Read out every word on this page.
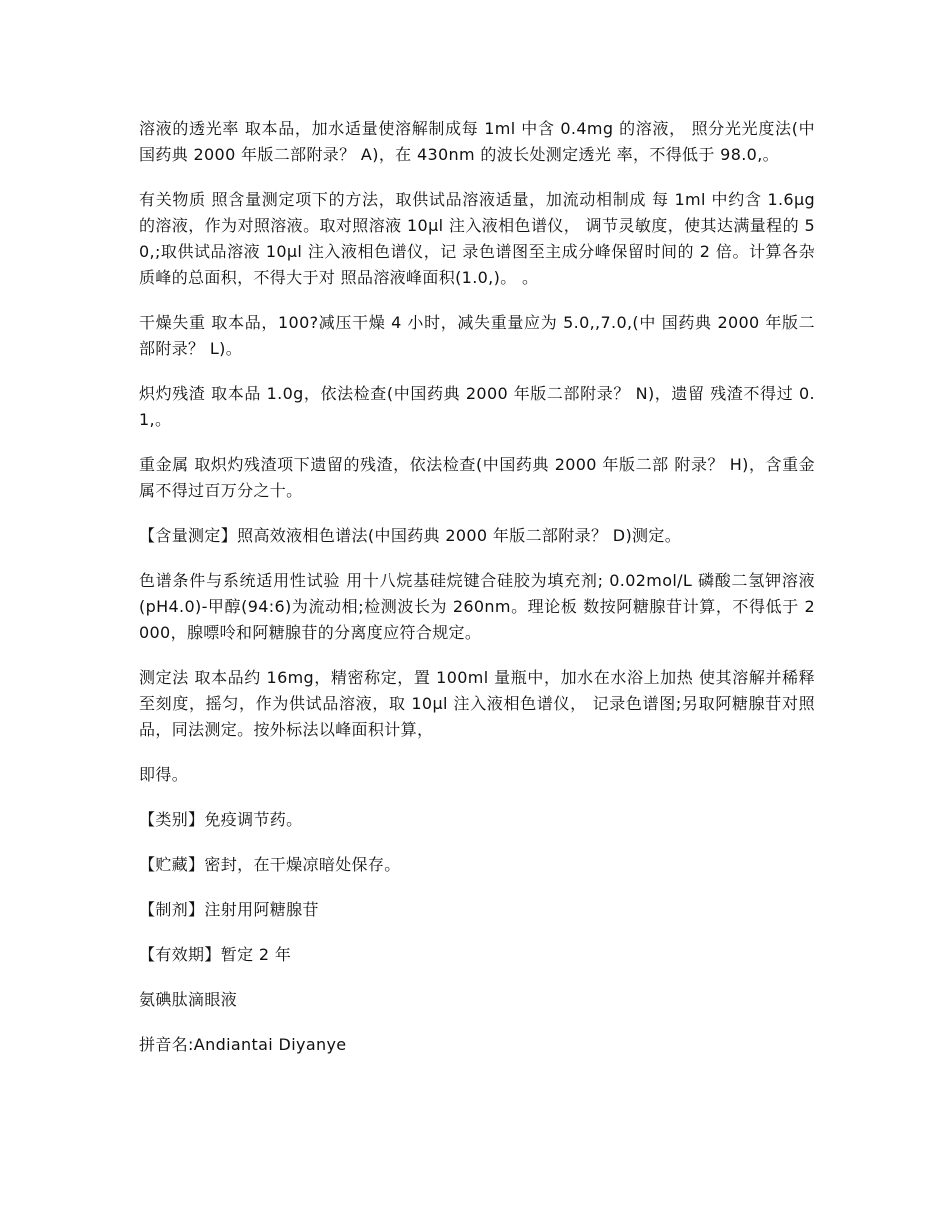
溶液的透光率 取本品，加水适量使溶解制成每 1ml 中含 0.4mg 的溶液， 照分光光度法(中国药典 2000 年版二部附录？ A)，在 430nm 的波长处测定透光 率，不得低于 98.0,。

有关物质 照含量测定项下的方法，取供试品溶液适量，加流动相制成 每 1ml 中约含 1.6μg 的溶液，作为对照溶液。取对照溶液 10μl 注入液相色谱仪， 调节灵敏度，使其达满量程的 50,;取供试品溶液 10μl 注入液相色谱仪，记 录色谱图至主成分峰保留时间的 2 倍。计算各杂质峰的总面积，不得大于对 照品溶液峰面积(1.0,)。 。

干燥失重 取本品，100?减压干燥 4 小时，减失重量应为 5.0,,7.0,(中 国药典 2000 年版二部附录？ L)。

炽灼残渣 取本品 1.0g，依法检查(中国药典 2000 年版二部附录？ N)，遗留 残渣不得过 0.1,。

重金属 取炽灼残渣项下遗留的残渣，依法检查(中国药典 2000 年版二部 附录？ H)，含重金属不得过百万分之十。

【含量测定】照高效液相色谱法(中国药典 2000 年版二部附录？ D)测定。

色谱条件与系统适用性试验 用十八烷基硅烷键合硅胶为填充剂; 0.02mol/L 磷酸二氢钾溶液(pH4.0)-甲醇(94:6)为流动相;检测波长为 260nm。理论板 数按阿糖腺苷计算，不得低于 2000，腺嘌呤和阿糖腺苷的分离度应符合规定。

测定法 取本品约 16mg，精密称定，置 100ml 量瓶中，加水在水浴上加热 使其溶解并稀释至刻度，摇匀，作为供试品溶液，取 10μl 注入液相色谱仪， 记录色谱图;另取阿糖腺苷对照品，同法测定。按外标法以峰面积计算，

即得。

【类别】免疫调节药。

【贮藏】密封，在干燥凉暗处保存。

【制剂】注射用阿糖腺苷

【有效期】暂定 2 年

氨碘肽滴眼液

拼音名:Andiantai Diyanye
